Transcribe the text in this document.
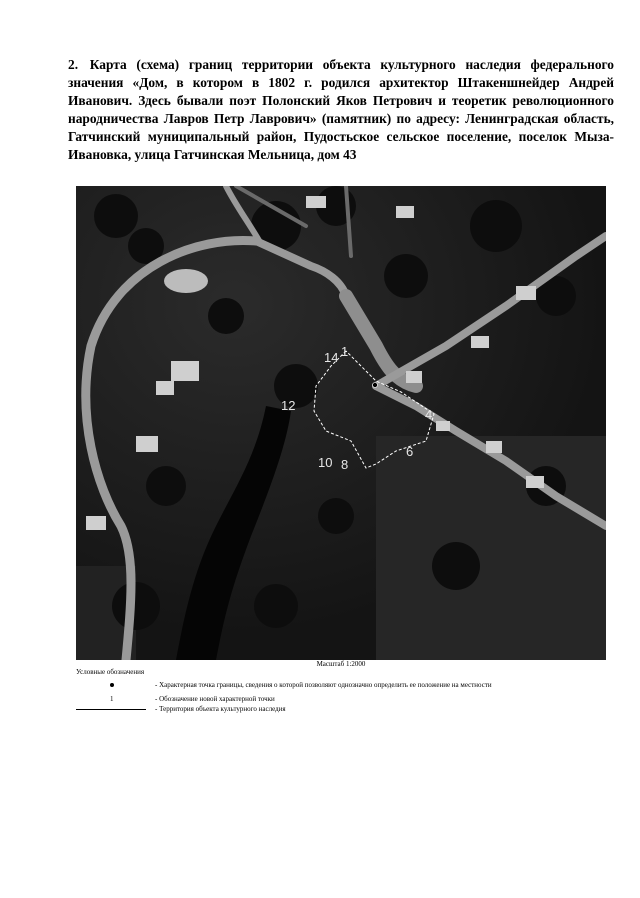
2. Карта (схема) границ территории объекта культурного наследия федерального значения «Дом, в котором в 1802 г. родился архитектор Штакеншнейдер Андрей Иванович. Здесь бывали поэт Полонский Яков Петрович и теоретик революционного народничества Лавров Петр Лаврович» (памятник) по адресу: Ленинградская область, Гатчинский муниципальный район, Пудостьское сельское поселение, поселок Мыза-Ивановка, улица Гатчинская Мельница, дом 43
14 1
12
4
10 8
6
Масштаб 1:2000
Условные обозначения
- Характерная точка границы, сведения о которой позволяют однозначно определить ее положение на местности
1	- Обозначение новой характерной точки
- Территория объекта культурного наследия
